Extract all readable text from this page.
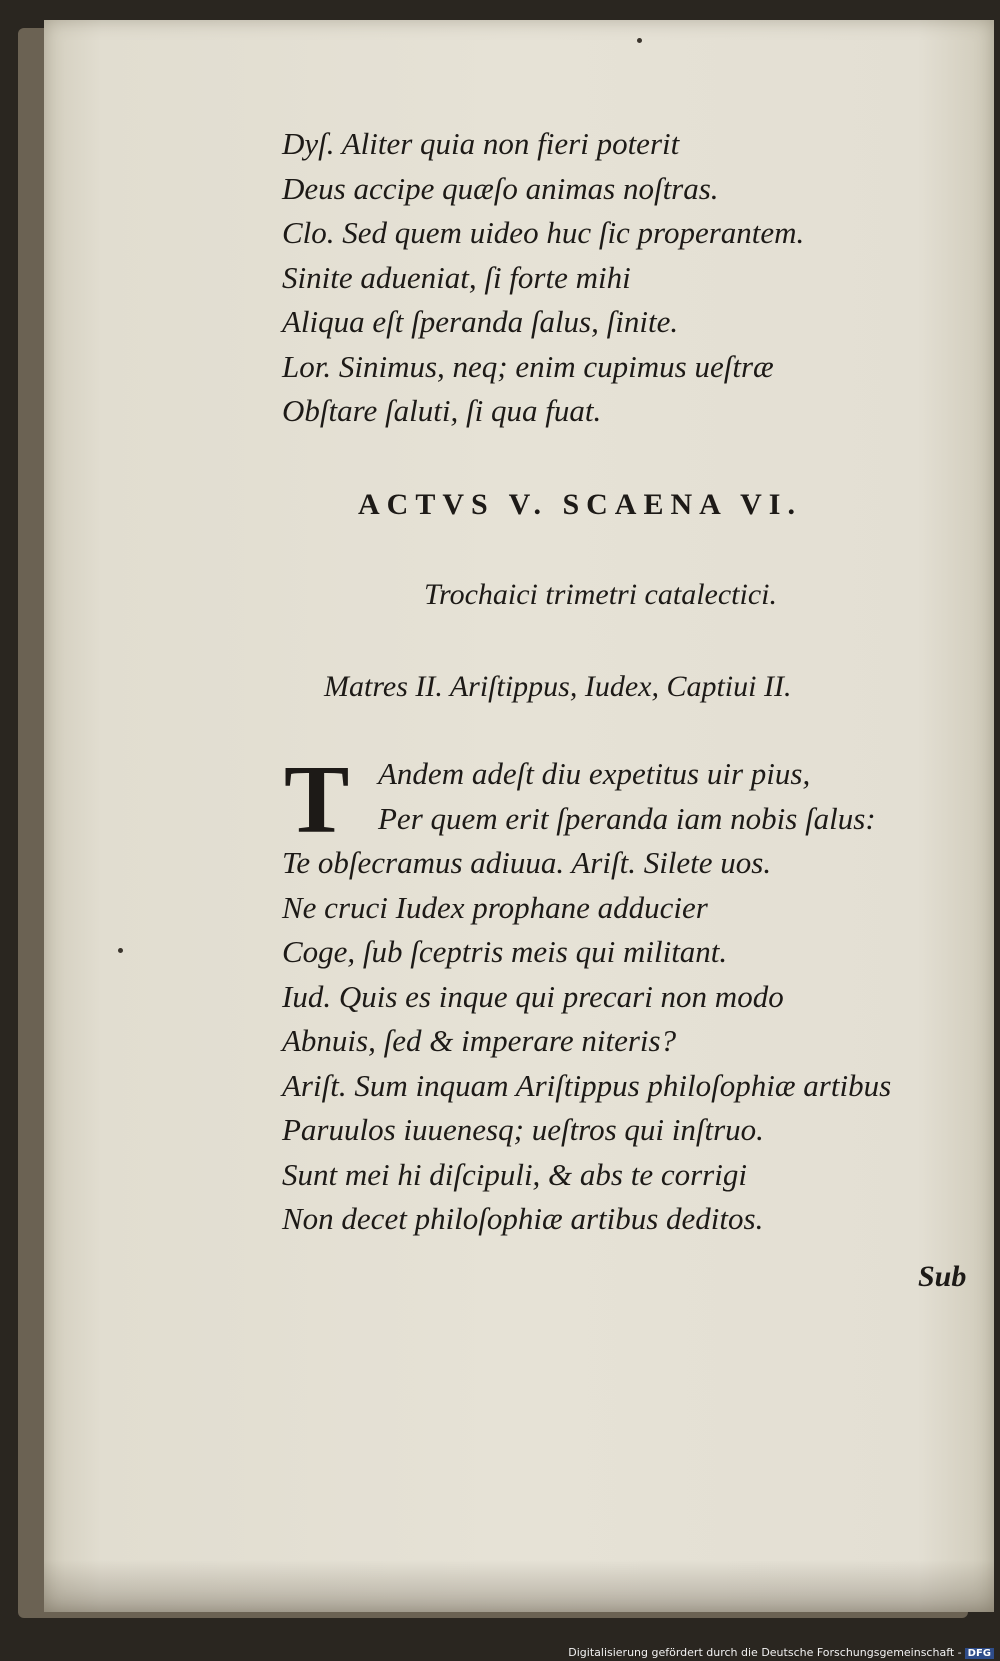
Dyſ. Aliter quia non fieri poterit
Deus accipe quæſo animas noſtras.
Clo. Sed quem uideo huc ſic properantem.
Sinite adueniat, ſi forte mihi
Aliqua eſt ſperanda ſalus, ſinite.
Lor. Sinimus, neq; enim cupimus ueſtræ
Obſtare ſaluti, ſi qua fuat.
ACTVS V. SCAENA VI.
Trochaici trimetri catalectici.
Matres II. Ariſtippus, Iudex, Captiui II.
T Andem adeſt diu expetitus uir pius,
Per quem erit ſperanda iam nobis ſalus:
Te obſecramus adiuua. Ariſt. Silete uos.
Ne cruci Iudex prophane adducier
Coge, ſub ſceptris meis qui militant.
Iud. Quis es inque qui precari non modo
Abnuis, ſed & imperare niteris?
Ariſt. Sum inquam Ariſtippus philoſophiæ artibus
Paruulos iuuenesq; ueſtros qui inſtruo.
Sunt mei hi diſcipuli, & abs te corrigi
Non decet philoſophiæ artibus deditos.
Sub
Digitalisierung gefördert durch die Deutsche Forschungsgemeinschaft - DFG
